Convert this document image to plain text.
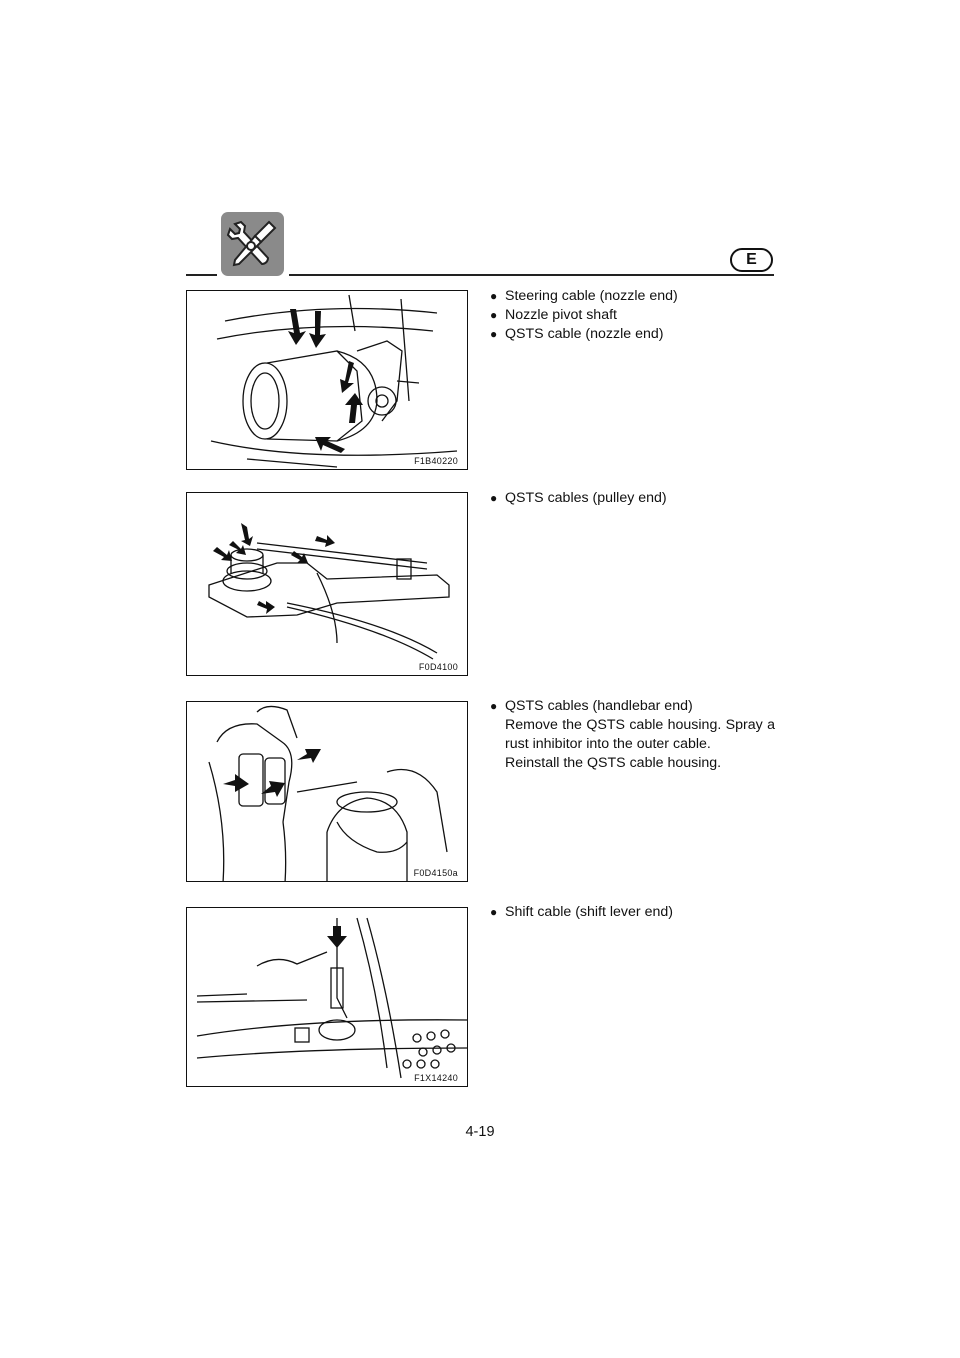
E
F1B40220
F0D4100
F0D4150a
F1X14240
● Steering cable (nozzle end)
● Nozzle pivot shaft
● QSTS cable (nozzle end)
● QSTS cables (pulley end)
● QSTS cables (handlebar end)
Remove the QSTS cable housing. Spray a rust inhibitor into the outer cable.
Reinstall the QSTS cable housing.
● Shift cable (shift lever end)
4-19
